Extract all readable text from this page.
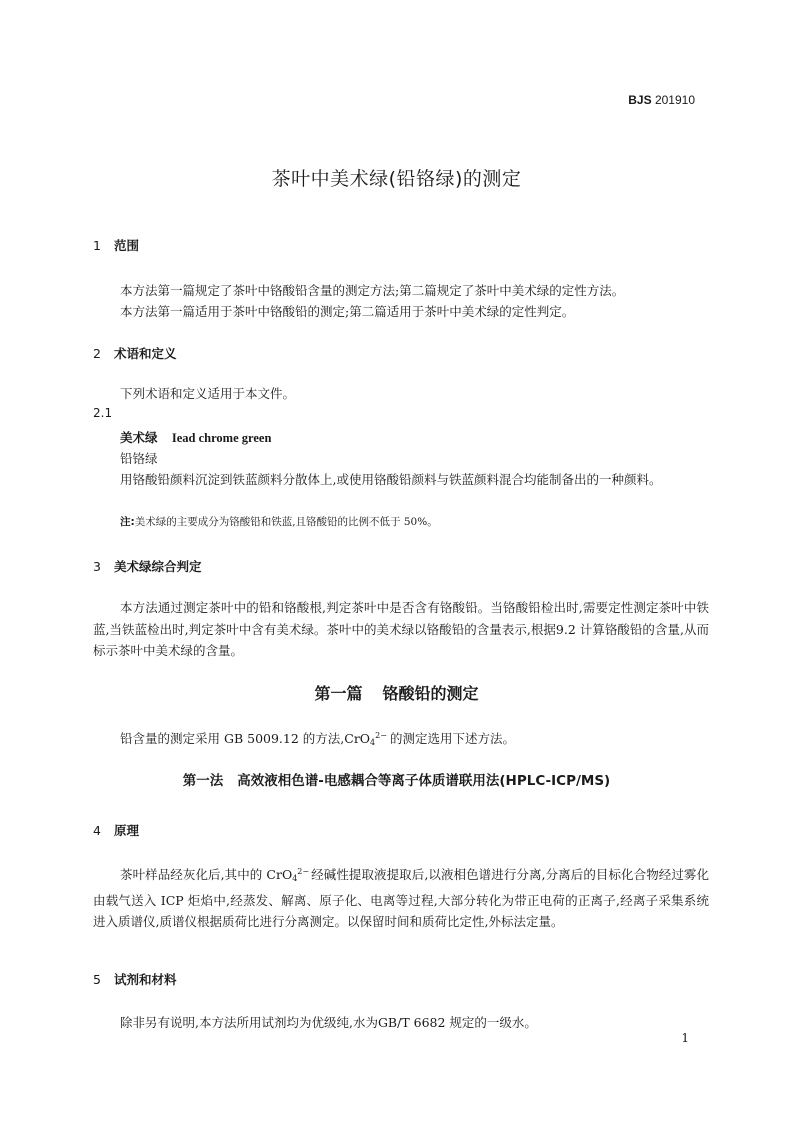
BJS 201910
茶叶中美术绿(铅铬绿)的测定
1 范围
本方法第一篇规定了茶叶中铬酸铅含量的测定方法;第二篇规定了茶叶中美术绿的定性方法。
本方法第一篇适用于茶叶中铬酸铅的测定;第二篇适用于茶叶中美术绿的定性判定。
2 术语和定义
下列术语和定义适用于本文件。
2.1
美术绿 Iead chrome green
铅铬绿
用铬酸铅颜料沉淀到铁蓝颜料分散体上,或使用铬酸铅颜料与铁蓝颜料混合均能制备出的一种颜料。
注:美术绿的主要成分为铬酸铅和铁蓝,且铬酸铅的比例不低于 50%。
3 美术绿综合判定
本方法通过测定茶叶中的铅和铬酸根,判定茶叶中是否含有铬酸铅。当铬酸铅检出时,需要定性测定茶叶中铁蓝,当铁蓝检出时,判定茶叶中含有美术绿。茶叶中的美术绿以铬酸铅的含量表示,根据9.2 计算铬酸铅的含量,从而标示茶叶中美术绿的含量。
第一篇 铬酸铅的测定
铅含量的测定采用 GB 5009.12 的方法,CrO$_4^{2-}$ 的测定选用下述方法。
第一法 高效液相色谱-电感耦合等离子体质谱联用法(HPLC-ICP/MS)
4 原理
茶叶样品经灰化后,其中的 CrO$_4^{2-}$ 经碱性提取液提取后,以液相色谱进行分离,分离后的目标化合物经过雾化由载气送入 ICP 炬焰中,经蒸发、解离、原子化、电离等过程,大部分转化为带正电荷的正离子,经离子采集系统进入质谱仪,质谱仪根据质荷比进行分离测定。以保留时间和质荷比定性,外标法定量。
5 试剂和材料
除非另有说明,本方法所用试剂均为优级纯,水为GB/T 6682 规定的一级水。
1
